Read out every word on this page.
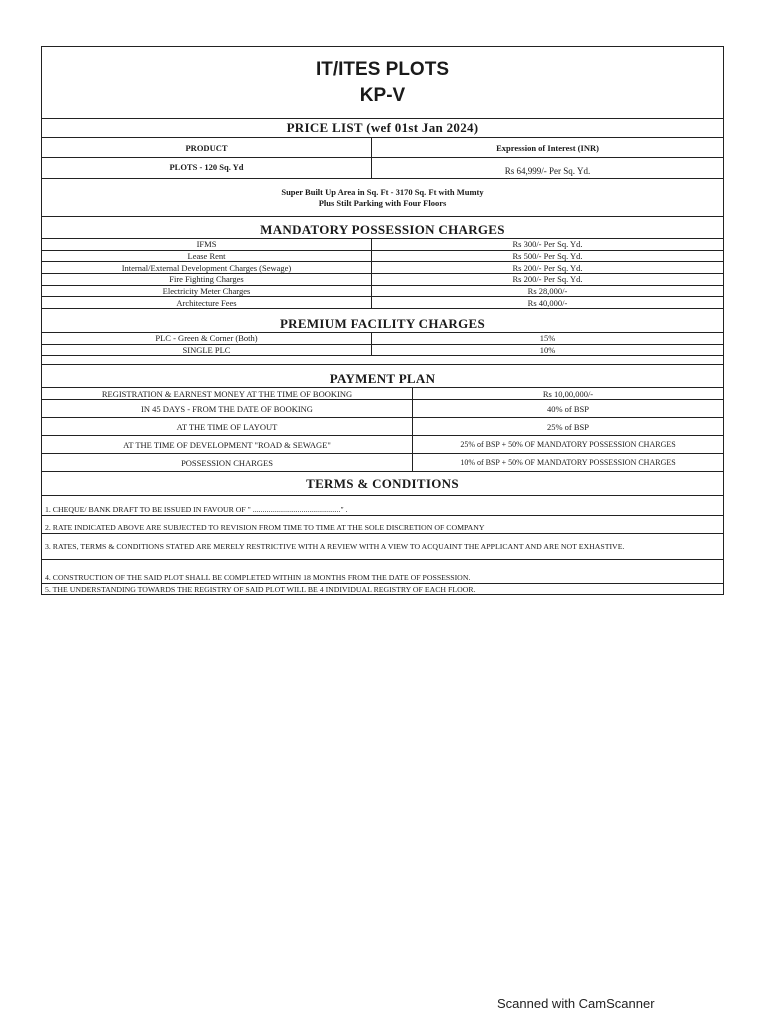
IT/ITES PLOTS
KP-V
PRICE LIST (wef 01st Jan 2024)
PRODUCT	Expression of Interest (INR)
PLOTS - 120 Sq. Yd	Rs 64,999/- Per Sq. Yd.
Super Built Up Area in Sq. Ft - 3170 Sq. Ft with Mumty
Plus Stilt Parking with Four Floors
MANDATORY POSSESSION CHARGES
IFMS	Rs 300/- Per Sq. Yd.
Lease Rent	Rs 500/- Per Sq. Yd.
Internal/External Development Charges (Sewage)	Rs 200/- Per Sq. Yd.
Fire Fighting Charges	Rs 200/- Per Sq. Yd.
Electricity Meter Charges	Rs 28,000/-
Architecture Fees	Rs 40,000/-
PREMIUM FACILITY CHARGES
PLC - Green & Corner (Both)	15%
SINGLE PLC	10%
PAYMENT PLAN
REGISTRATION & EARNEST MONEY AT THE TIME OF BOOKING	Rs 10,00,000/-
IN 45 DAYS - FROM THE DATE OF BOOKING	40% of BSP
AT THE TIME OF LAYOUT	25% of BSP
AT THE TIME OF DEVELOPMENT "ROAD & SEWAGE"	25% of BSP + 50% OF MANDATORY POSSESSION CHARGES
POSSESSION CHARGES	10% of BSP + 50% OF MANDATORY POSSESSION CHARGES
TERMS & CONDITIONS
1. CHEQUE/ BANK DRAFT TO BE ISSUED IN FAVOUR OF " ............................................." .
2. RATE INDICATED ABOVE ARE SUBJECTED TO REVISION FROM TIME TO TIME AT THE SOLE DISCRETION OF COMPANY
3. RATES, TERMS & CONDITIONS STATED ARE MERELY RESTRICTIVE WITH A REVIEW WITH A VIEW TO ACQUAINT THE APPLICANT AND ARE NOT EXHASTIVE.
4. CONSTRUCTION OF THE SAID PLOT SHALL BE COMPLETED WITHIN 18 MONTHS FROM THE DATE OF POSSESSION.
5. THE UNDERSTANDING TOWARDS THE REGISTRY OF SAID PLOT WILL BE 4 INDIVIDUAL REGISTRY OF EACH FLOOR.
Scanned with CamScanner
